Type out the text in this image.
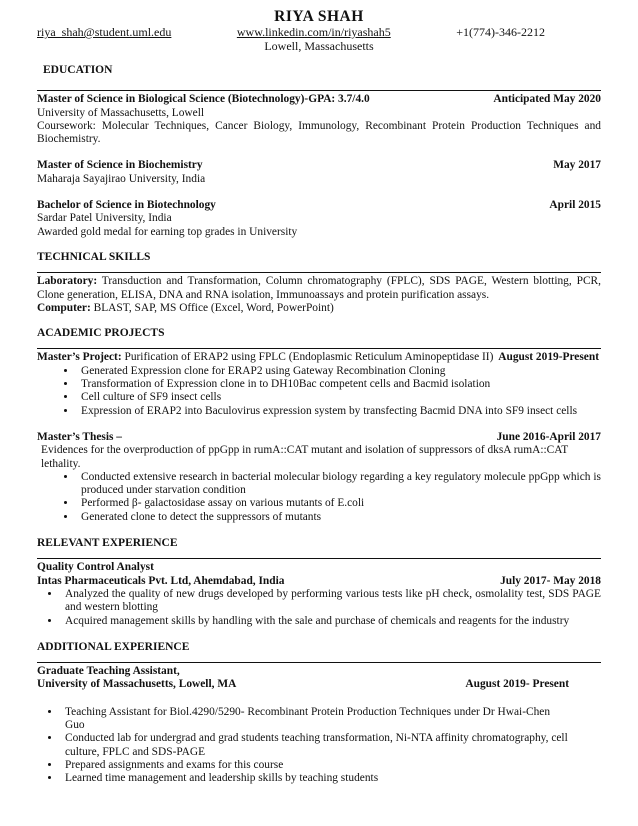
RIYA SHAH
riya_shah@student.uml.edu	www.linkedin.com/in/riyashah5	+1(774)-346-2212
Lowell, Massachusetts
EDUCATION
Master of Science in Biological Science (Biotechnology)-GPA: 3.7/4.0	Anticipated May 2020
University of Massachusetts, Lowell
Coursework: Molecular Techniques, Cancer Biology, Immunology, Recombinant Protein Production Techniques and Biochemistry.
Master of Science in Biochemistry	May 2017
Maharaja Sayajirao University, India
Bachelor of Science in Biotechnology	April 2015
Sardar Patel University, India
Awarded gold medal for earning top grades in University
TECHNICAL SKILLS
Laboratory: Transduction and Transformation, Column chromatography (FPLC), SDS PAGE, Western blotting, PCR, Clone generation, ELISA, DNA and RNA isolation, Immunoassays and protein purification assays.
Computer: BLAST, SAP, MS Office (Excel, Word, PowerPoint)
ACADEMIC PROJECTS
Master’s Project: Purification of ERAP2 using FPLC (Endoplasmic Reticulum Aminopeptidase II) August 2019-Present
• Generated Expression clone for ERAP2 using Gateway Recombination Cloning
• Transformation of Expression clone in to DH10Bac competent cells and Bacmid isolation
• Cell culture of SF9 insect cells
• Expression of ERAP2 into Baculovirus expression system by transfecting Bacmid DNA into SF9 insect cells
Master’s Thesis –	June 2016-April 2017
Evidences for the overproduction of ppGpp in rumA::CAT mutant and isolation of suppressors of dksA rumA::CAT lethality.
• Conducted extensive research in bacterial molecular biology regarding a key regulatory molecule ppGpp which is produced under starvation condition
• Performed β- galactosidase assay on various mutants of E.coli
• Generated clone to detect the suppressors of mutants
RELEVANT EXPERIENCE
Quality Control Analyst
Intas Pharmaceuticals Pvt. Ltd, Ahemdabad, India	July 2017- May 2018
• Analyzed the quality of new drugs developed by performing various tests like pH check, osmolality test, SDS PAGE and western blotting
• Acquired management skills by handling with the sale and purchase of chemicals and reagents for the industry
ADDITIONAL EXPERIENCE
Graduate Teaching Assistant,
University of Massachusetts, Lowell, MA	August 2019- Present
• Teaching Assistant for Biol.4290/5290- Recombinant Protein Production Techniques under Dr Hwai-Chen Guo
• Conducted lab for undergrad and grad students teaching transformation, Ni-NTA affinity chromatography, cell culture, FPLC and SDS-PAGE
• Prepared assignments and exams for this course
• Learned time management and leadership skills by teaching students
